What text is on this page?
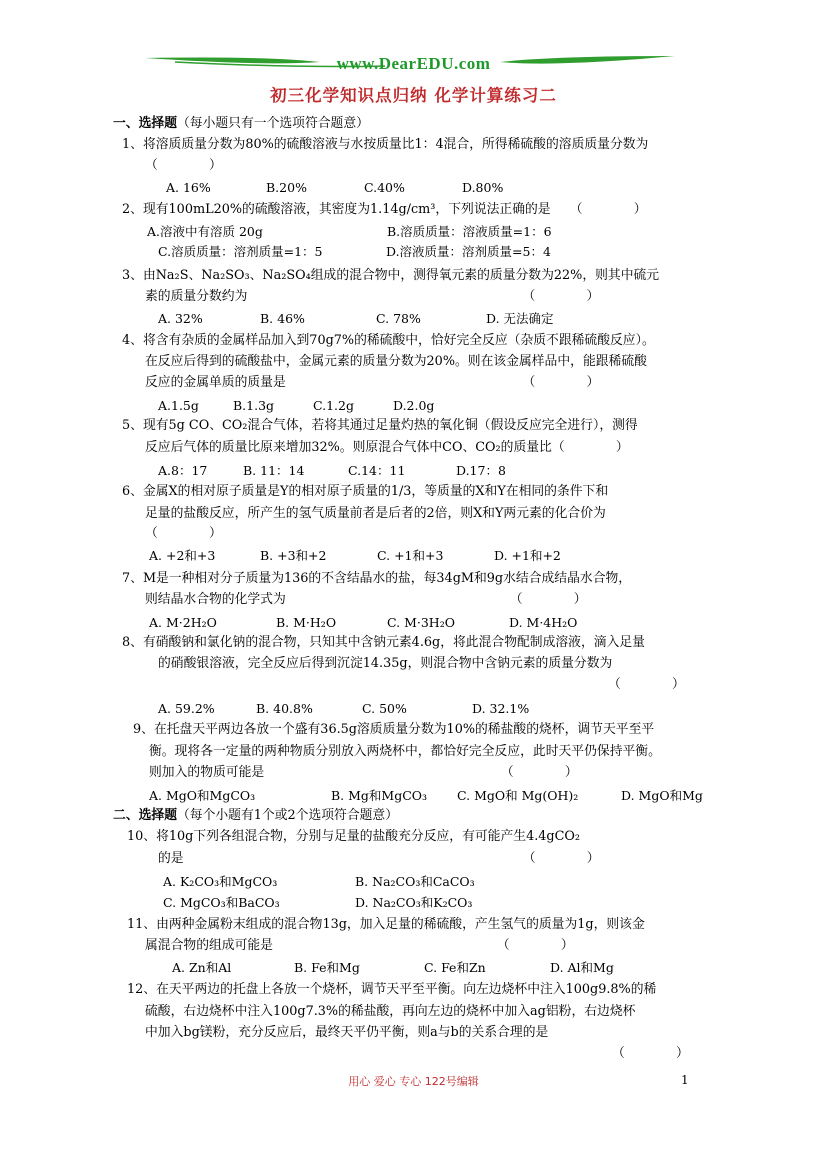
www.DearEDU.com
初三化学知识点归纳 化学计算练习二
一、选择题（每小题只有一个选项符合题意）
1、将溶质质量分数为80%的硫酸溶液与水按质量比1：4混合，所得稀硫酸的溶质质量分数为
（　　　　）
A. 16%	B.20%	C.40%	D.80%
2、现有100mL20%的硫酸溶液，其密度为1.14g/cm³，下列说法正确的是　　（　　　　）
A.溶液中有溶质 20g	B.溶质质量：溶液质量=1：6
C.溶质质量：溶剂质量=1：5	D.溶液质量：溶剂质量=5：4
3、由Na₂S、Na₂SO₃、Na₂SO₄组成的混合物中，测得氧元素的质量分数为22%，则其中硫元
素的质量分数约为　　　　　　　　　　　　　　　　　　　　　　（　　　　）
A. 32%	B. 46%	C. 78%	D. 无法确定
4、将含有杂质的金属样品加入到70g7%的稀硫酸中，恰好完全反应（杂质不跟稀硫酸反应）。
在反应后得到的硫酸盐中，金属元素的质量分数为20%。则在该金属样品中，能跟稀硫酸
反应的金属单质的质量是　　　　　　　　　　　　　　　　　　　（　　　　）
A.1.5g	B.1.3g	C.1.2g	D.2.0g
5、现有5g CO、CO₂混合气体，若将其通过足量灼热的氧化铜（假设反应完全进行），测得
反应后气体的质量比原来增加32%。则原混合气体中CO、CO₂的质量比（　　　　）
A.8：17	B. 11：14	C.14：11	D.17：8
6、金属X的相对原子质量是Y的相对原子质量的1/3，等质量的X和Y在相同的条件下和
足量的盐酸反应，所产生的氢气质量前者是后者的2倍，则X和Y两元素的化合价为
（　　　　）
A. +2和+3	B. +3和+2	C. +1和+3	D. +1和+2
7、M是一种相对分子质量为136的不含结晶水的盐，每34gM和9g水结合成结晶水合物，
则结晶水合物的化学式为　　　　　　　　　　　　　　　　　　（　　　　）
A. M·2H₂O	B. M·H₂O	C. M·3H₂O	D. M·4H₂O
8、有硝酸钠和氯化钠的混合物，只知其中含钠元素4.6g，将此混合物配制成溶液，滴入足量
的硝酸银溶液，完全反应后得到沉淀14.35g，则混合物中含钠元素的质量分数为
（　　　　）
A. 59.2%	B. 40.8%	C. 50%	D. 32.1%
9、在托盘天平两边各放一个盛有36.5g溶质质量分数为10%的稀盐酸的烧杯，调节天平至平
衡。现将各一定量的两种物质分别放入两烧杯中，都恰好完全反应，此时天平仍保持平衡。
则加入的物质可能是　　　　　　　　　　　　　　　　　　　（　　　　）
A. MgO和MgCO₃	B. Mg和MgCO₃ C. MgO和 Mg(OH)₂	D. MgO和Mg
二、选择题（每个小题有1个或2个选项符合题意）
10、将10g下列各组混合物，分别与足量的盐酸充分反应，有可能产生4.4gCO₂
的是　　　　　　　　　　　　　　　　　　　　　　　　　　　（　　　　）
A. K₂CO₃和MgCO₃	B. Na₂CO₃和CaCO₃
C. MgCO₃和BaCO₃	D. Na₂CO₃和K₂CO₃
11、由两种金属粉末组成的混合物13g，加入足量的稀硫酸，产生氢气的质量为1g，则该金
属混合物的组成可能是　　　　　　　　　　　　　　　　　　（　　　　）
A. Zn和Al	B. Fe和Mg	C. Fe和Zn	D. Al和Mg
12、在天平两边的托盘上各放一个烧杯，调节天平至平衡。向左边烧杯中注入100g9.8%的稀
硫酸，右边烧杯中注入100g7.3%的稀盐酸，再向左边的烧杯中加入ag铝粉，右边烧杯
中加入bg镁粉，充分反应后，最终天平仍平衡，则a与b的关系合理的是
（　　　　）
用心 爱心 专心 122号编辑	1
